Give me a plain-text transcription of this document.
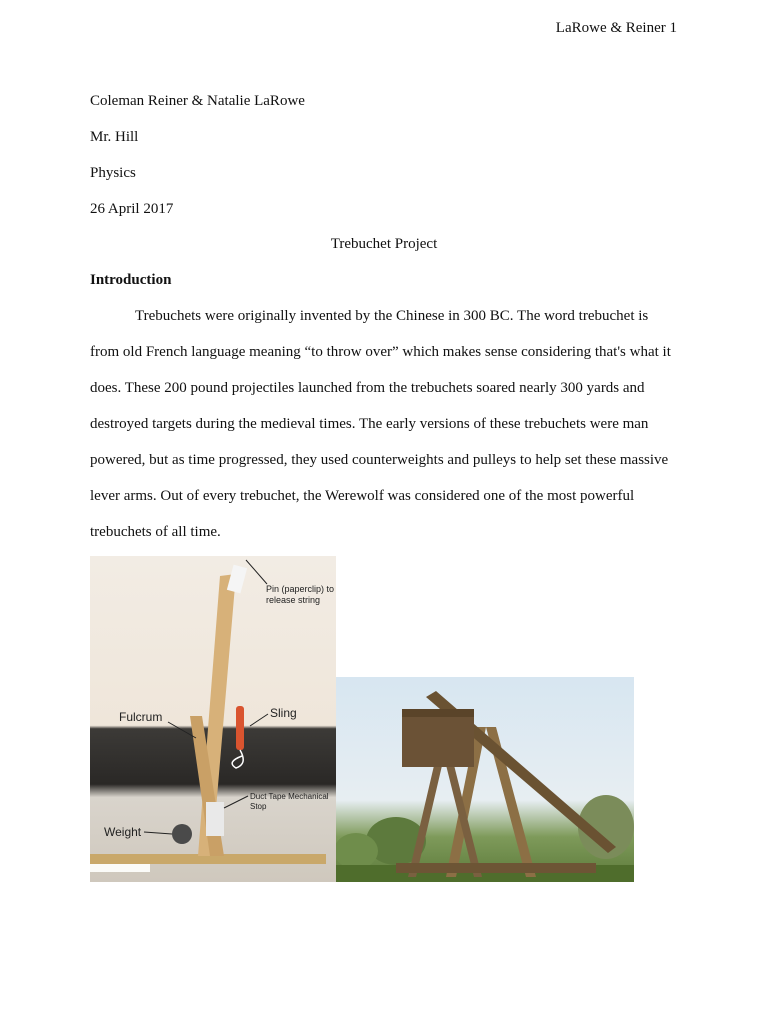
LaRowe & Reiner 1
Coleman Reiner & Natalie LaRowe
Mr. Hill
Physics
26 April 2017
Trebuchet Project
Introduction

Trebuchets were originally invented by the Chinese in 300 BC. The word trebuchet is from old French language meaning “to throw over” which makes sense considering that's what it does. These 200 pound projectiles launched from the trebuchets soared nearly 300 yards and destroyed targets during the medieval times. The early versions of these trebuchets were man powered, but as time progressed, they used counterweights and pulleys to help set these massive lever arms. Out of every trebuchet, the Werewolf was considered one of the most powerful trebuchets of all time.

Pin (paperclip) to release string
Fulcrum	Sling
Duct Tape Mechanical Stop
Weight
